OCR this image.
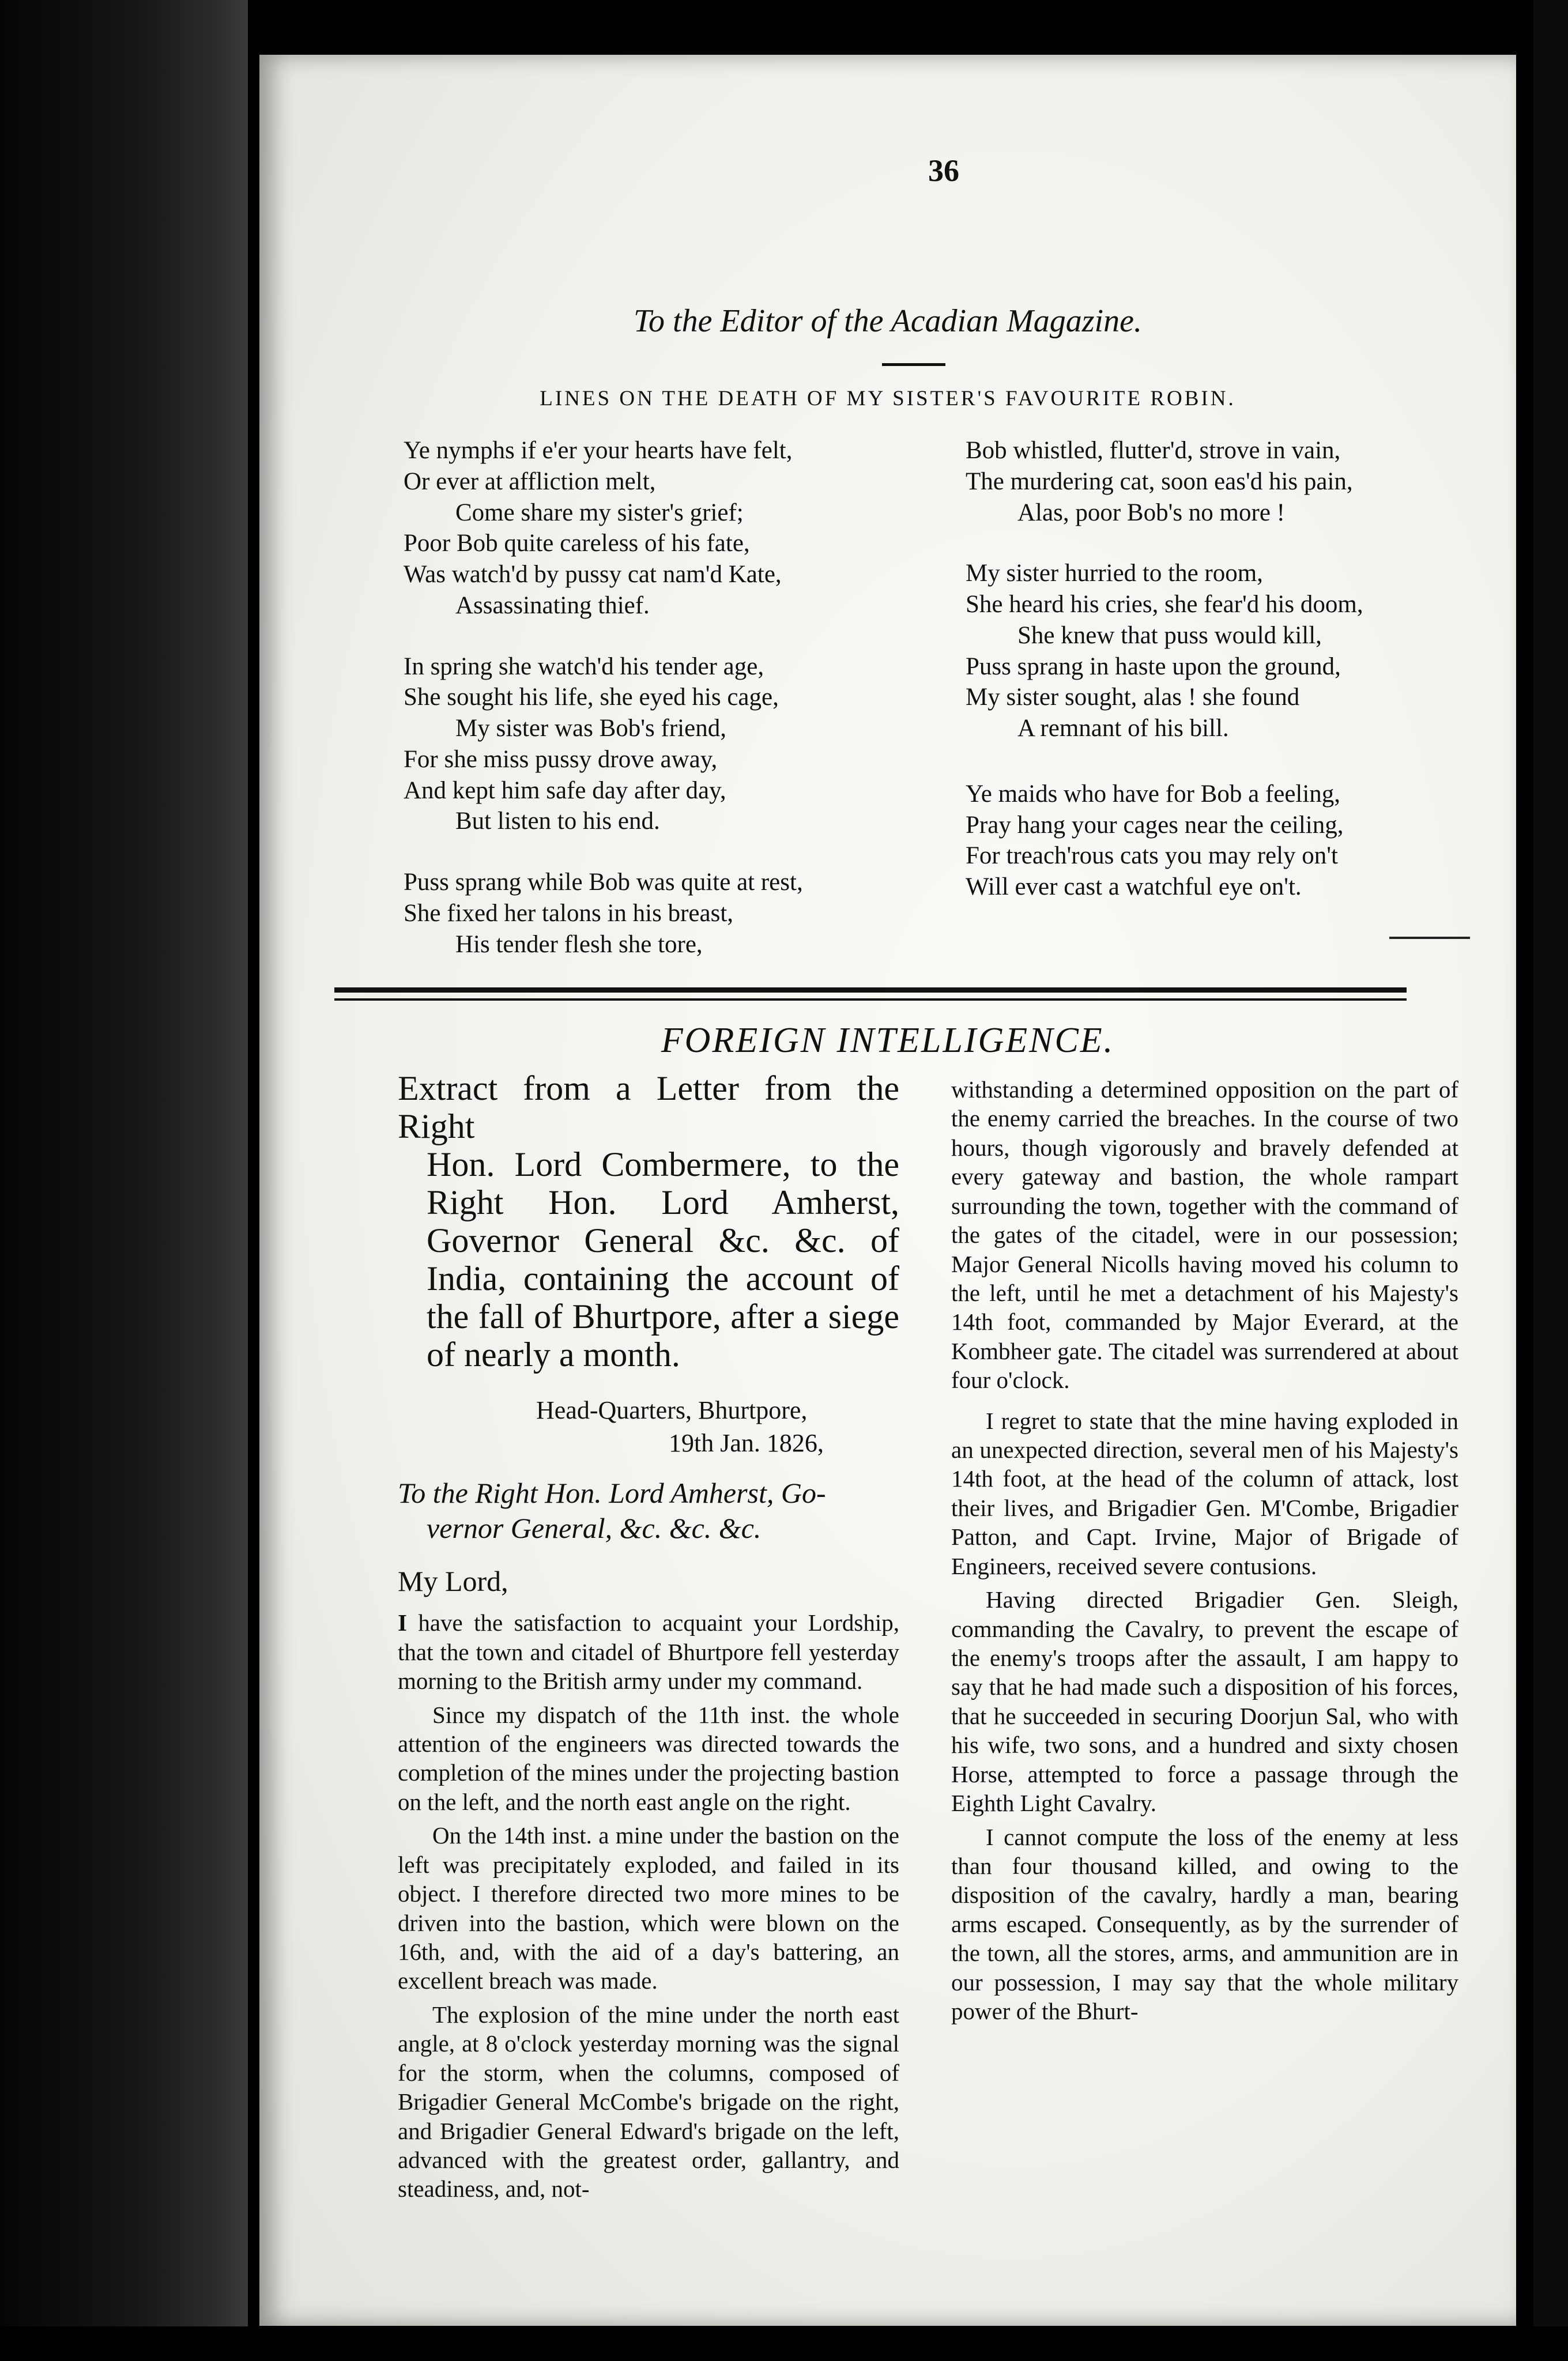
36
To the Editor of the Acadian Magazine.
LINES ON THE DEATH OF MY SISTER'S FAVOURITE ROBIN.
Ye nymphs if e'er your hearts have felt,
Or ever at affliction melt,
Come share my sister's grief;
Poor Bob quite careless of his fate,
Was watch'd by pussy cat nam'd Kate,
Assassinating thief.
In spring she watch'd his tender age,
She sought his life, she eyed his cage,
My sister was Bob's friend,
For she miss pussy drove away,
And kept him safe day after day,
But listen to his end.
Puss sprang while Bob was quite at rest,
She fixed her talons in his breast,
His tender flesh she tore,
Bob whistled, flutter'd, strove in vain,
The murdering cat, soon eas'd his pain,
Alas, poor Bob's no more !
My sister hurried to the room,
She heard his cries, she fear'd his doom,
She knew that puss would kill,
Puss sprang in haste upon the ground,
My sister sought, alas ! she found
A remnant of his bill.
Ye maids who have for Bob a feeling,
Pray hang your cages near the ceiling,
For treach'rous cats you may rely on't
Will ever cast a watchful eye on't.
FOREIGN INTELLIGENCE.

Extract from a Letter from the Right
Hon. Lord Combermere, to the Right Hon. Lord Amherst, Governor General &c. &c. of India, containing the account of the fall of Bhurtpore, after a siege of nearly a month.

Head-Quarters, Bhurtpore,
19th Jan. 1826,
To the Right Hon. Lord Amherst, Go-
vernor General, &c. &c. &c.
My Lord,

I have the satisfaction to acquaint your Lordship, that the town and citadel of Bhurtpore fell yesterday morning to the British army under my command.

Since my dispatch of the 11th inst. the whole attention of the engineers was directed towards the completion of the mines under the projecting bastion on the left, and the north east angle on the right.

On the 14th inst. a mine under the bastion on the left was precipitately exploded, and failed in its object. I therefore directed two more mines to be driven into the bastion, which were blown on the 16th, and, with the aid of a day's battering, an excellent breach was made.

The explosion of the mine under the north east angle, at 8 o'clock yesterday morning was the signal for the storm, when the columns, composed of Brigadier General McCombe's brigade on the right, and Brigadier General Edward's brigade on the left, advanced with the greatest order, gallantry, and steadiness, and, not-

withstanding a determined opposition on the part of the enemy carried the breaches. In the course of two hours, though vigorously and bravely defended at every gateway and bastion, the whole rampart surrounding the town, together with the command of the gates of the citadel, were in our possession; Major General Nicolls having moved his column to the left, until he met a detachment of his Majesty's 14th foot, commanded by Major Everard, at the Kombheer gate. The citadel was surrendered at about four o'clock.

I regret to state that the mine having exploded in an unexpected direction, several men of his Majesty's 14th foot, at the head of the column of attack, lost their lives, and Brigadier Gen. M'Combe, Brigadier Patton, and Capt. Irvine, Major of Brigade of Engineers, received severe contusions.

Having directed Brigadier Gen. Sleigh, commanding the Cavalry, to prevent the escape of the enemy's troops after the assault, I am happy to say that he had made such a disposition of his forces, that he succeeded in securing Doorjun Sal, who with his wife, two sons, and a hundred and sixty chosen Horse, attempted to force a passage through the Eighth Light Cavalry.

I cannot compute the loss of the enemy at less than four thousand killed, and owing to the disposition of the cavalry, hardly a man, bearing arms escaped. Consequently, as by the surrender of the town, all the stores, arms, and ammunition are in our possession, I may say that the whole military power of the Bhurt-
